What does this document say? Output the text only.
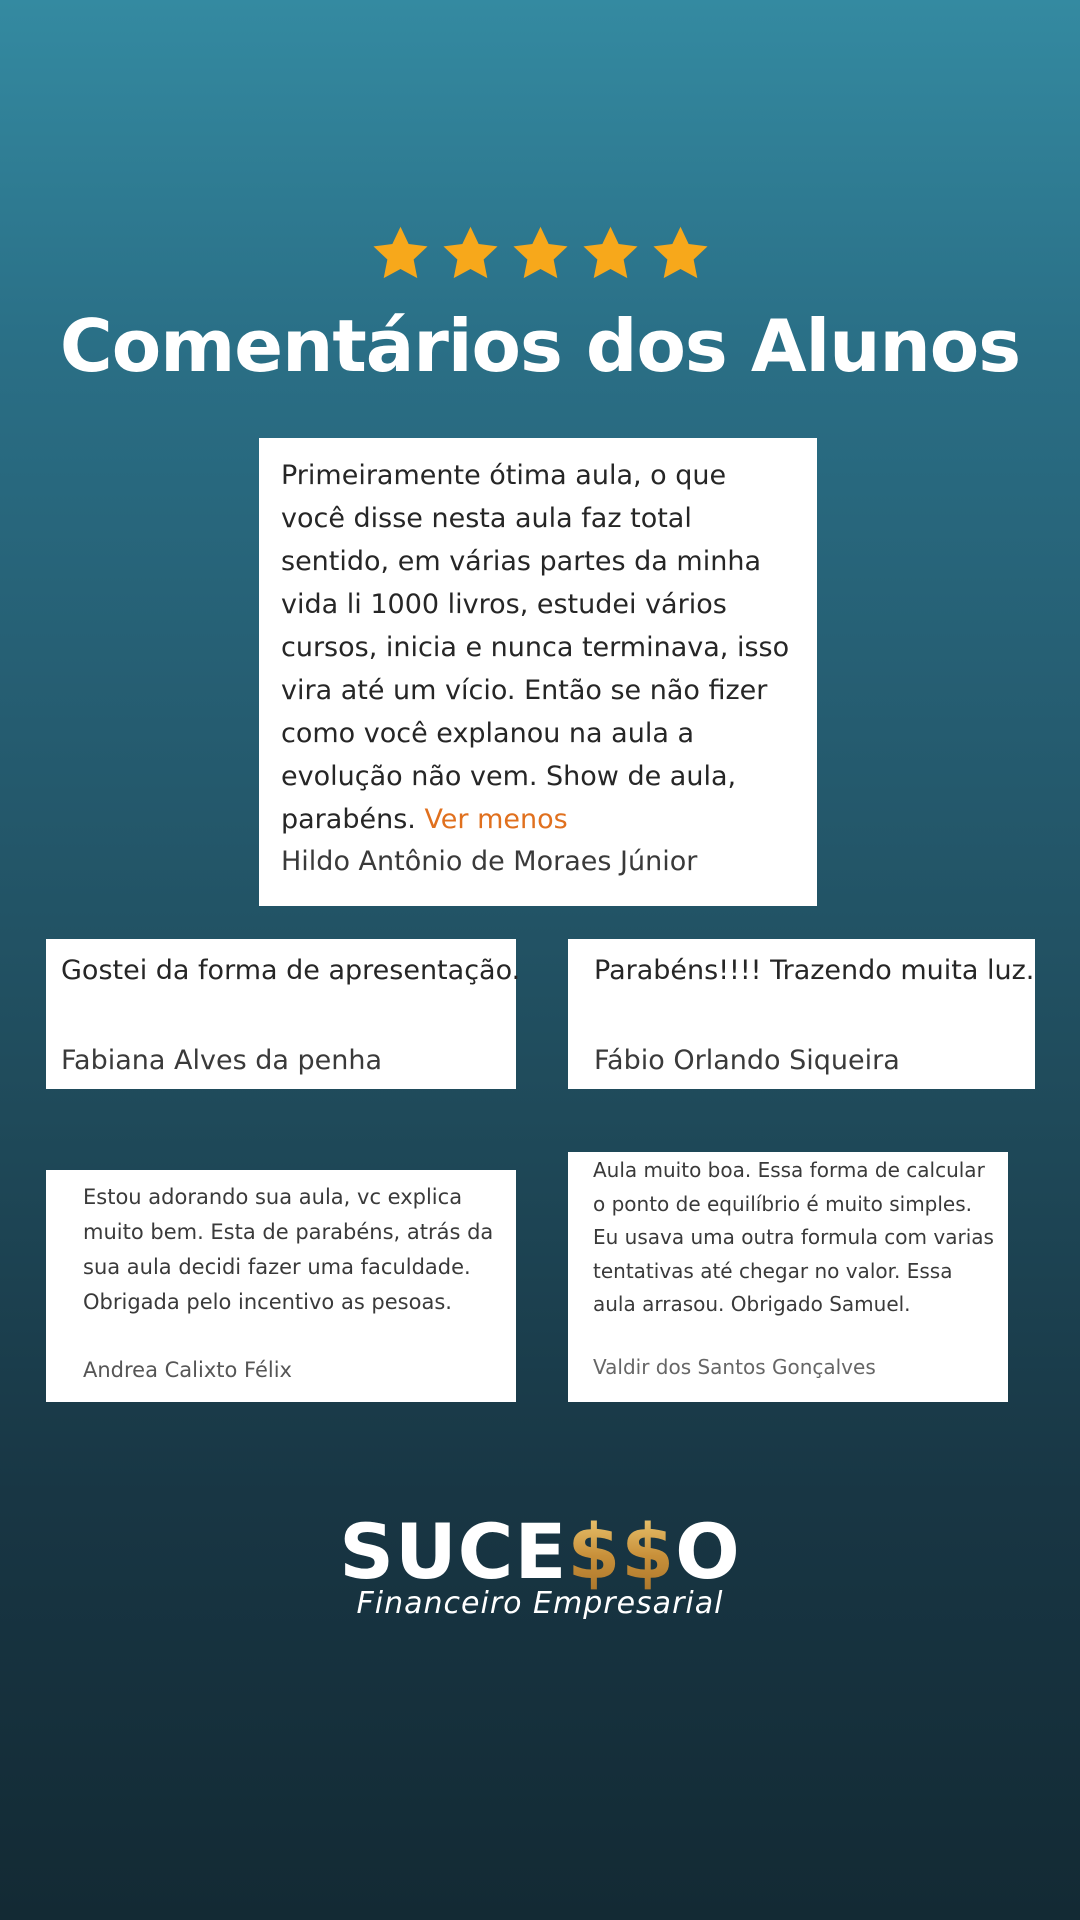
Comentários dos Alunos

Primeiramente ótima aula, o que você disse nesta aula faz total sentido, em várias partes da minha vida li 1000 livros, estudei vários cursos, inicia e nunca terminava, isso vira até um vício. Então se não fizer como você explanou na aula a evolução não vem. Show de aula, parabéns. Ver menos

Hildo Antônio de Moraes Júnior

Gostei da forma de apresentação.

Fabiana Alves da penha

Parabéns!!!! Trazendo muita luz.

Fábio Orlando Siqueira

Estou adorando sua aula, vc explica muito bem. Esta de parabéns, atrás da sua aula decidi fazer uma faculdade. Obrigada pelo incentivo as pesoas.

Andrea Calixto Félix

Aula muito boa. Essa forma de calcular o ponto de equilíbrio é muito simples. Eu usava uma outra formula com varias tentativas até chegar no valor. Essa aula arrasou. Obrigado Samuel.

Valdir dos Santos Gonçalves

SUCE$$O

Financeiro Empresarial
